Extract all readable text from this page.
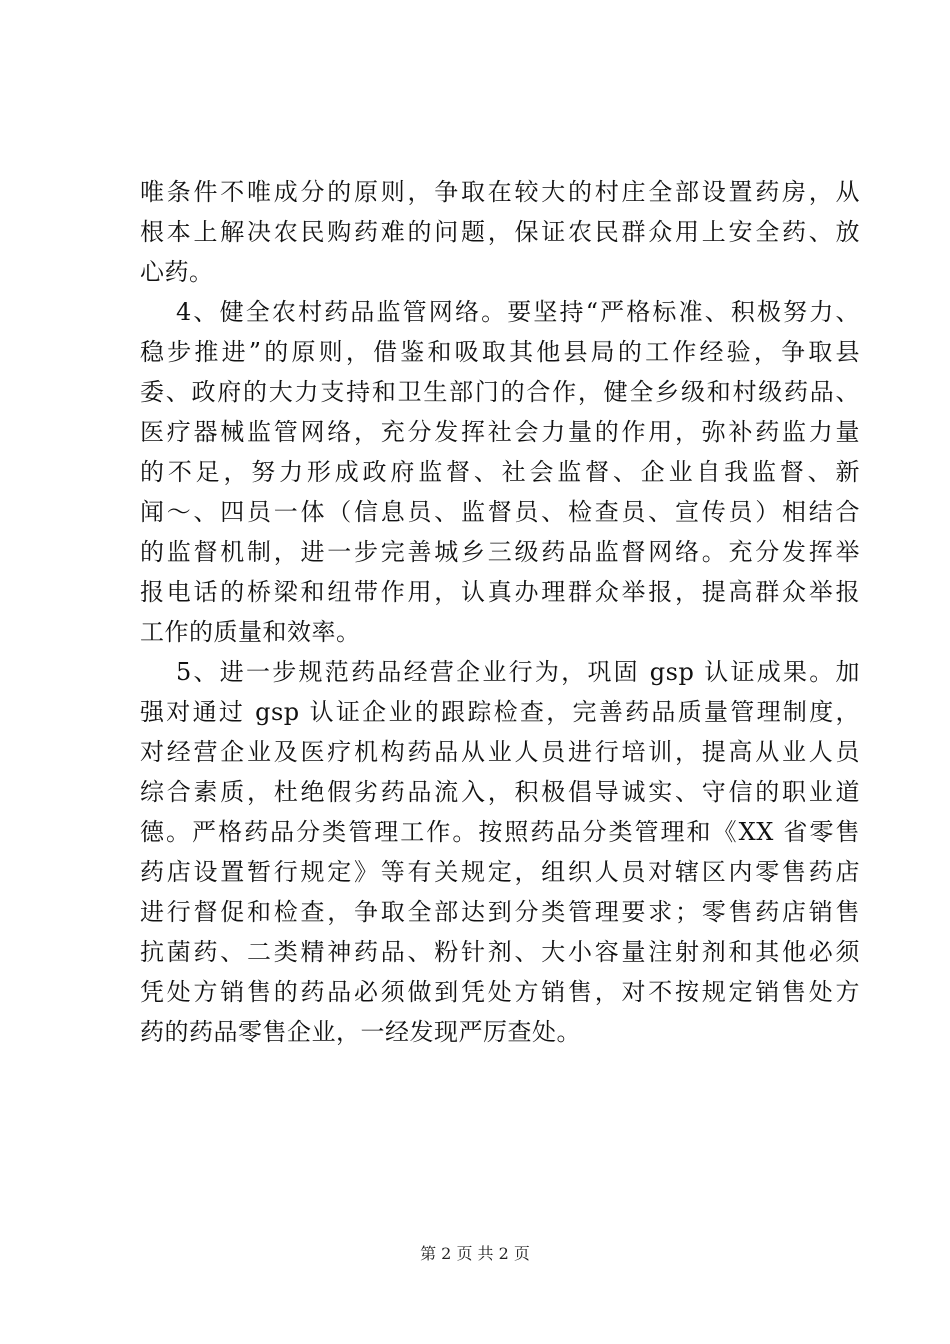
唯条件不唯成分的原则，争取在较大的村庄全部设置药房，从
根本上解决农民购药难的问题，保证农民群众用上安全药、放
心药。
4、健全农村药品监管网络。要坚持“严格标准、积极努力、
稳步推进”的原则，借鉴和吸取其他县局的工作经验，争取县
委、政府的大力支持和卫生部门的合作，健全乡级和村级药品、
医疗器械监管网络，充分发挥社会力量的作用，弥补药监力量
的不足，努力形成政府监督、社会监督、企业自我监督、新
闻～、四员一体（信息员、监督员、检查员、宣传员）相结合
的监督机制，进一步完善城乡三级药品监督网络。充分发挥举
报电话的桥梁和纽带作用，认真办理群众举报，提高群众举报
工作的质量和效率。
5、进一步规范药品经营企业行为，巩固 gsp 认证成果。加
强对通过 gsp 认证企业的跟踪检查，完善药品质量管理制度，
对经营企业及医疗机构药品从业人员进行培训，提高从业人员
综合素质，杜绝假劣药品流入，积极倡导诚实、守信的职业道
德。严格药品分类管理工作。按照药品分类管理和《XX 省零售
药店设置暂行规定》等有关规定，组织人员对辖区内零售药店
进行督促和检查，争取全部达到分类管理要求；零售药店销售
抗菌药、二类精神药品、粉针剂、大小容量注射剂和其他必须
凭处方销售的药品必须做到凭处方销售，对不按规定销售处方
药的药品零售企业，一经发现严厉查处。
第 2 页 共 2 页
